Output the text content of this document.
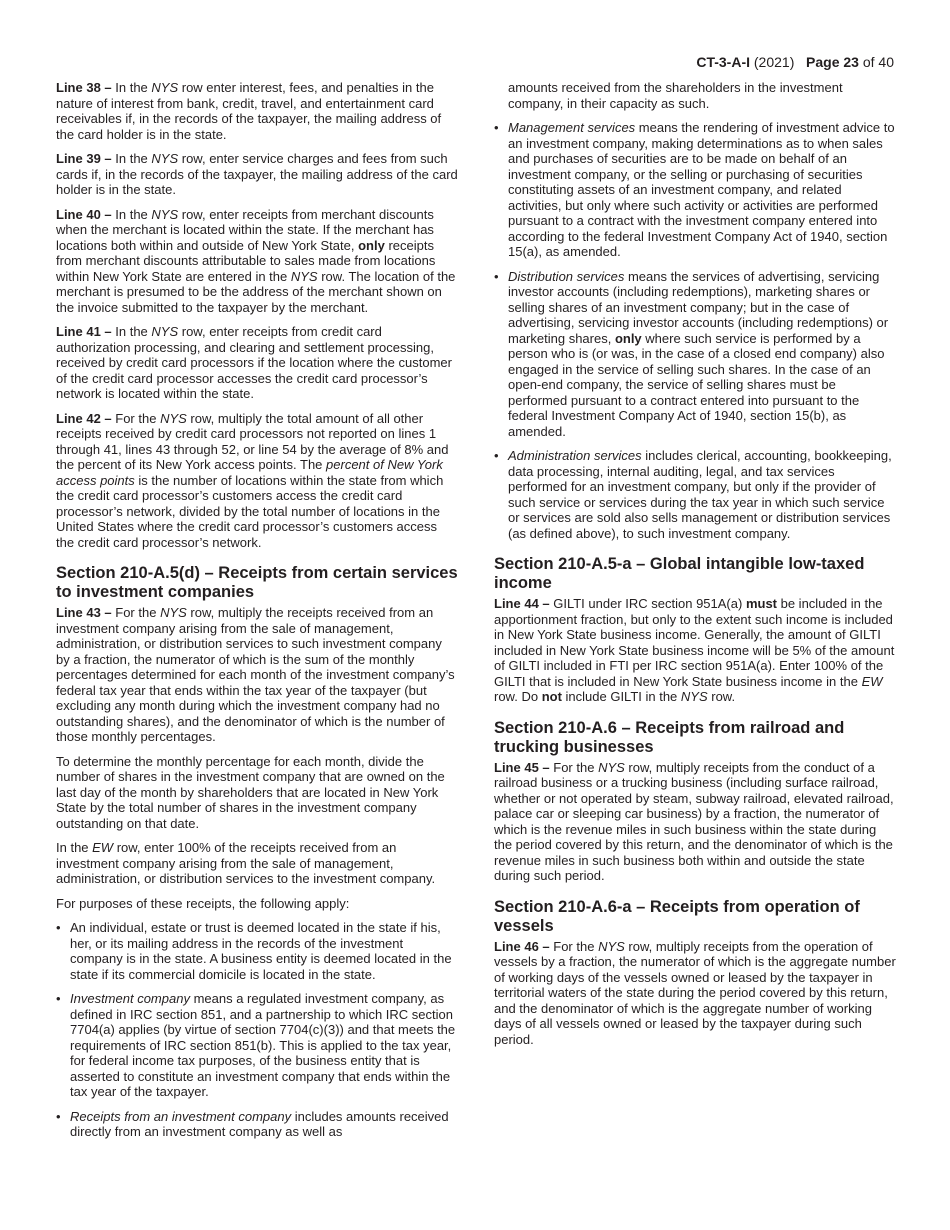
CT-3-A-I (2021) Page 23 of 40

Line 38 – In the NYS row enter interest, fees, and penalties in the nature of interest from bank, credit, travel, and entertainment card receivables if, in the records of the taxpayer, the mailing address of the card holder is in the state.

Line 39 – In the NYS row, enter service charges and fees from such cards if, in the records of the taxpayer, the mailing address of the card holder is in the state.

Line 40 – In the NYS row, enter receipts from merchant discounts when the merchant is located within the state. If the merchant has locations both within and outside of New York State, only receipts from merchant discounts attributable to sales made from locations within New York State are entered in the NYS row. The location of the merchant is presumed to be the address of the merchant shown on the invoice submitted to the taxpayer by the merchant.

Line 41 – In the NYS row, enter receipts from credit card authorization processing, and clearing and settlement processing, received by credit card processors if the location where the customer of the credit card processor accesses the credit card processor’s network is located within the state.

Line 42 – For the NYS row, multiply the total amount of all other receipts received by credit card processors not reported on lines 1 through 41, lines 43 through 52, or line 54 by the average of 8% and the percent of its New York access points. The percent of New York access points is the number of locations within the state from which the credit card processor’s customers access the credit card processor’s network, divided by the total number of locations in the United States where the credit card processor’s customers access the credit card processor’s network.

Section 210-A.5(d) – Receipts from certain services to investment companies

Line 43 – For the NYS row, multiply the receipts received from an investment company arising from the sale of management, administration, or distribution services to such investment company by a fraction, the numerator of which is the sum of the monthly percentages determined for each month of the investment company’s federal tax year that ends within the tax year of the taxpayer (but excluding any month during which the investment company had no outstanding shares), and the denominator of which is the number of those monthly percentages.

To determine the monthly percentage for each month, divide the number of shares in the investment company that are owned on the last day of the month by shareholders that are located in New York State by the total number of shares in the investment company outstanding on that date.

In the EW row, enter 100% of the receipts received from an investment company arising from the sale of management, administration, or distribution services to the investment company.

For purposes of these receipts, the following apply:

• An individual, estate or trust is deemed located in the state if his, her, or its mailing address in the records of the investment company is in the state. A business entity is deemed located in the state if its commercial domicile is located in the state.
• Investment company means a regulated investment company, as defined in IRC section 851, and a partnership to which IRC section 7704(a) applies (by virtue of section 7704(c)(3)) and that meets the requirements of IRC section 851(b). This is applied to the tax year, for federal income tax purposes, of the business entity that is asserted to constitute an investment company that ends within the tax year of the taxpayer.
• Receipts from an investment company includes amounts received directly from an investment company as well as
amounts received from the shareholders in the investment company, in their capacity as such.
• Management services means the rendering of investment advice to an investment company, making determinations as to when sales and purchases of securities are to be made on behalf of an investment company, or the selling or purchasing of securities constituting assets of an investment company, and related activities, but only where such activity or activities are performed pursuant to a contract with the investment company entered into according to the federal Investment Company Act of 1940, section 15(a), as amended.
• Distribution services means the services of advertising, servicing investor accounts (including redemptions), marketing shares or selling shares of an investment company; but in the case of advertising, servicing investor accounts (including redemptions) or marketing shares, only where such service is performed by a person who is (or was, in the case of a closed end company) also engaged in the service of selling such shares. In the case of an open-end company, the service of selling shares must be performed pursuant to a contract entered into pursuant to the federal Investment Company Act of 1940, section 15(b), as amended.
• Administration services includes clerical, accounting, bookkeeping, data processing, internal auditing, legal, and tax services performed for an investment company, but only if the provider of such service or services during the tax year in which such service or services are sold also sells management or distribution services (as defined above), to such investment company.
Section 210-A.5-a – Global intangible low-taxed income

Line 44 – GILTI under IRC section 951A(a) must be included in the apportionment fraction, but only to the extent such income is included in New York State business income. Generally, the amount of GILTI included in New York State business income will be 5% of the amount of GILTI included in FTI per IRC section 951A(a). Enter 100% of the GILTI that is included in New York State business income in the EW row. Do not include GILTI in the NYS row.

Section 210-A.6 – Receipts from railroad and trucking businesses

Line 45 – For the NYS row, multiply receipts from the conduct of a railroad business or a trucking business (including surface railroad, whether or not operated by steam, subway railroad, elevated railroad, palace car or sleeping car business) by a fraction, the numerator of which is the revenue miles in such business within the state during the period covered by this return, and the denominator of which is the revenue miles in such business both within and outside the state during such period.

Section 210-A.6-a – Receipts from operation of vessels

Line 46 – For the NYS row, multiply receipts from the operation of vessels by a fraction, the numerator of which is the aggregate number of working days of the vessels owned or leased by the taxpayer in territorial waters of the state during the period covered by this return, and the denominator of which is the aggregate number of working days of all vessels owned or leased by the taxpayer during such period.
